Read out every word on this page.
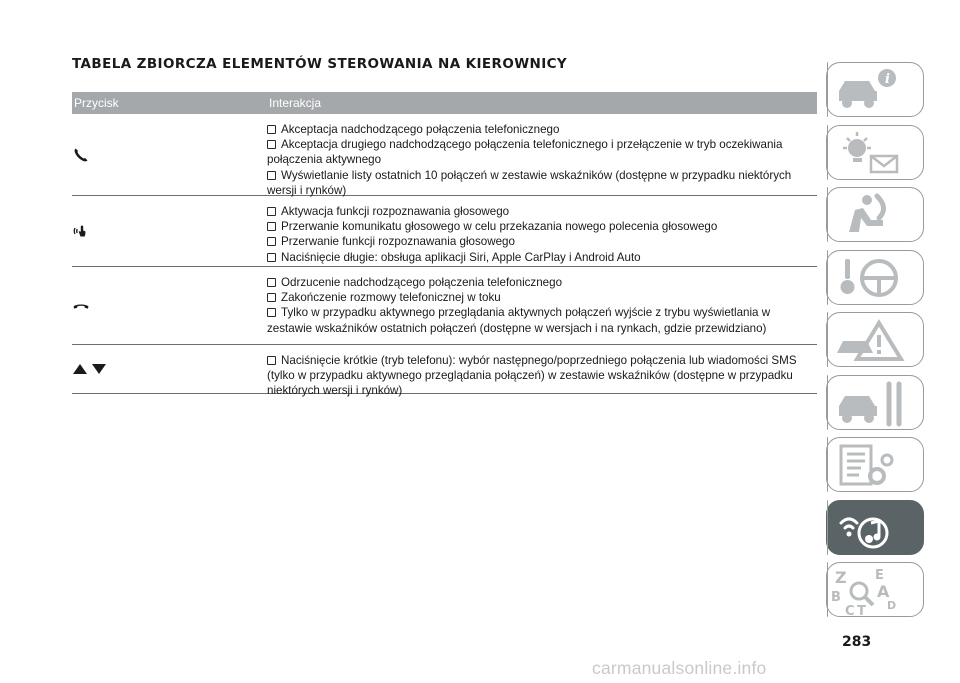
TABELA ZBIORCZA ELEMENTÓW STEROWANIA NA KIEROWNICY
Przycisk	Interakcja

Akceptacja nadchodzącego połączenia telefonicznego

Akceptacja drugiego nadchodzącego połączenia telefonicznego i przełączenie w tryb oczekiwania połączenia aktywnego

Wyświetlanie listy ostatnich 10 połączeń w zestawie wskaźników (dostępne w przypadku niektórych wersji i rynków)

Aktywacja funkcji rozpoznawania głosowego

Przerwanie komunikatu głosowego w celu przekazania nowego polecenia głosowego

Przerwanie funkcji rozpoznawania głosowego

Naciśnięcie długie: obsługa aplikacji Siri, Apple CarPlay i Android Auto

Odrzucenie nadchodzącego połączenia telefonicznego

Zakończenie rozmowy telefonicznej w toku

Tylko w przypadku aktywnego przeglądania aktywnych połączeń wyjście z trybu wyświetlania w zestawie wskaźników ostatnich połączeń (dostępne w wersjach i na rynkach, gdzie przewidziano)

Naciśnięcie krótkie (tryb telefonu): wybór następnego/poprzedniego połączenia lub wiadomości SMS (tylko w przypadku aktywnego przeglądania połączeń) w zestawie wskaźników (dostępne w przypadku niektórych wersji i rynków)

i
Z E
B A
C T D
283
carmanualsonline.info
